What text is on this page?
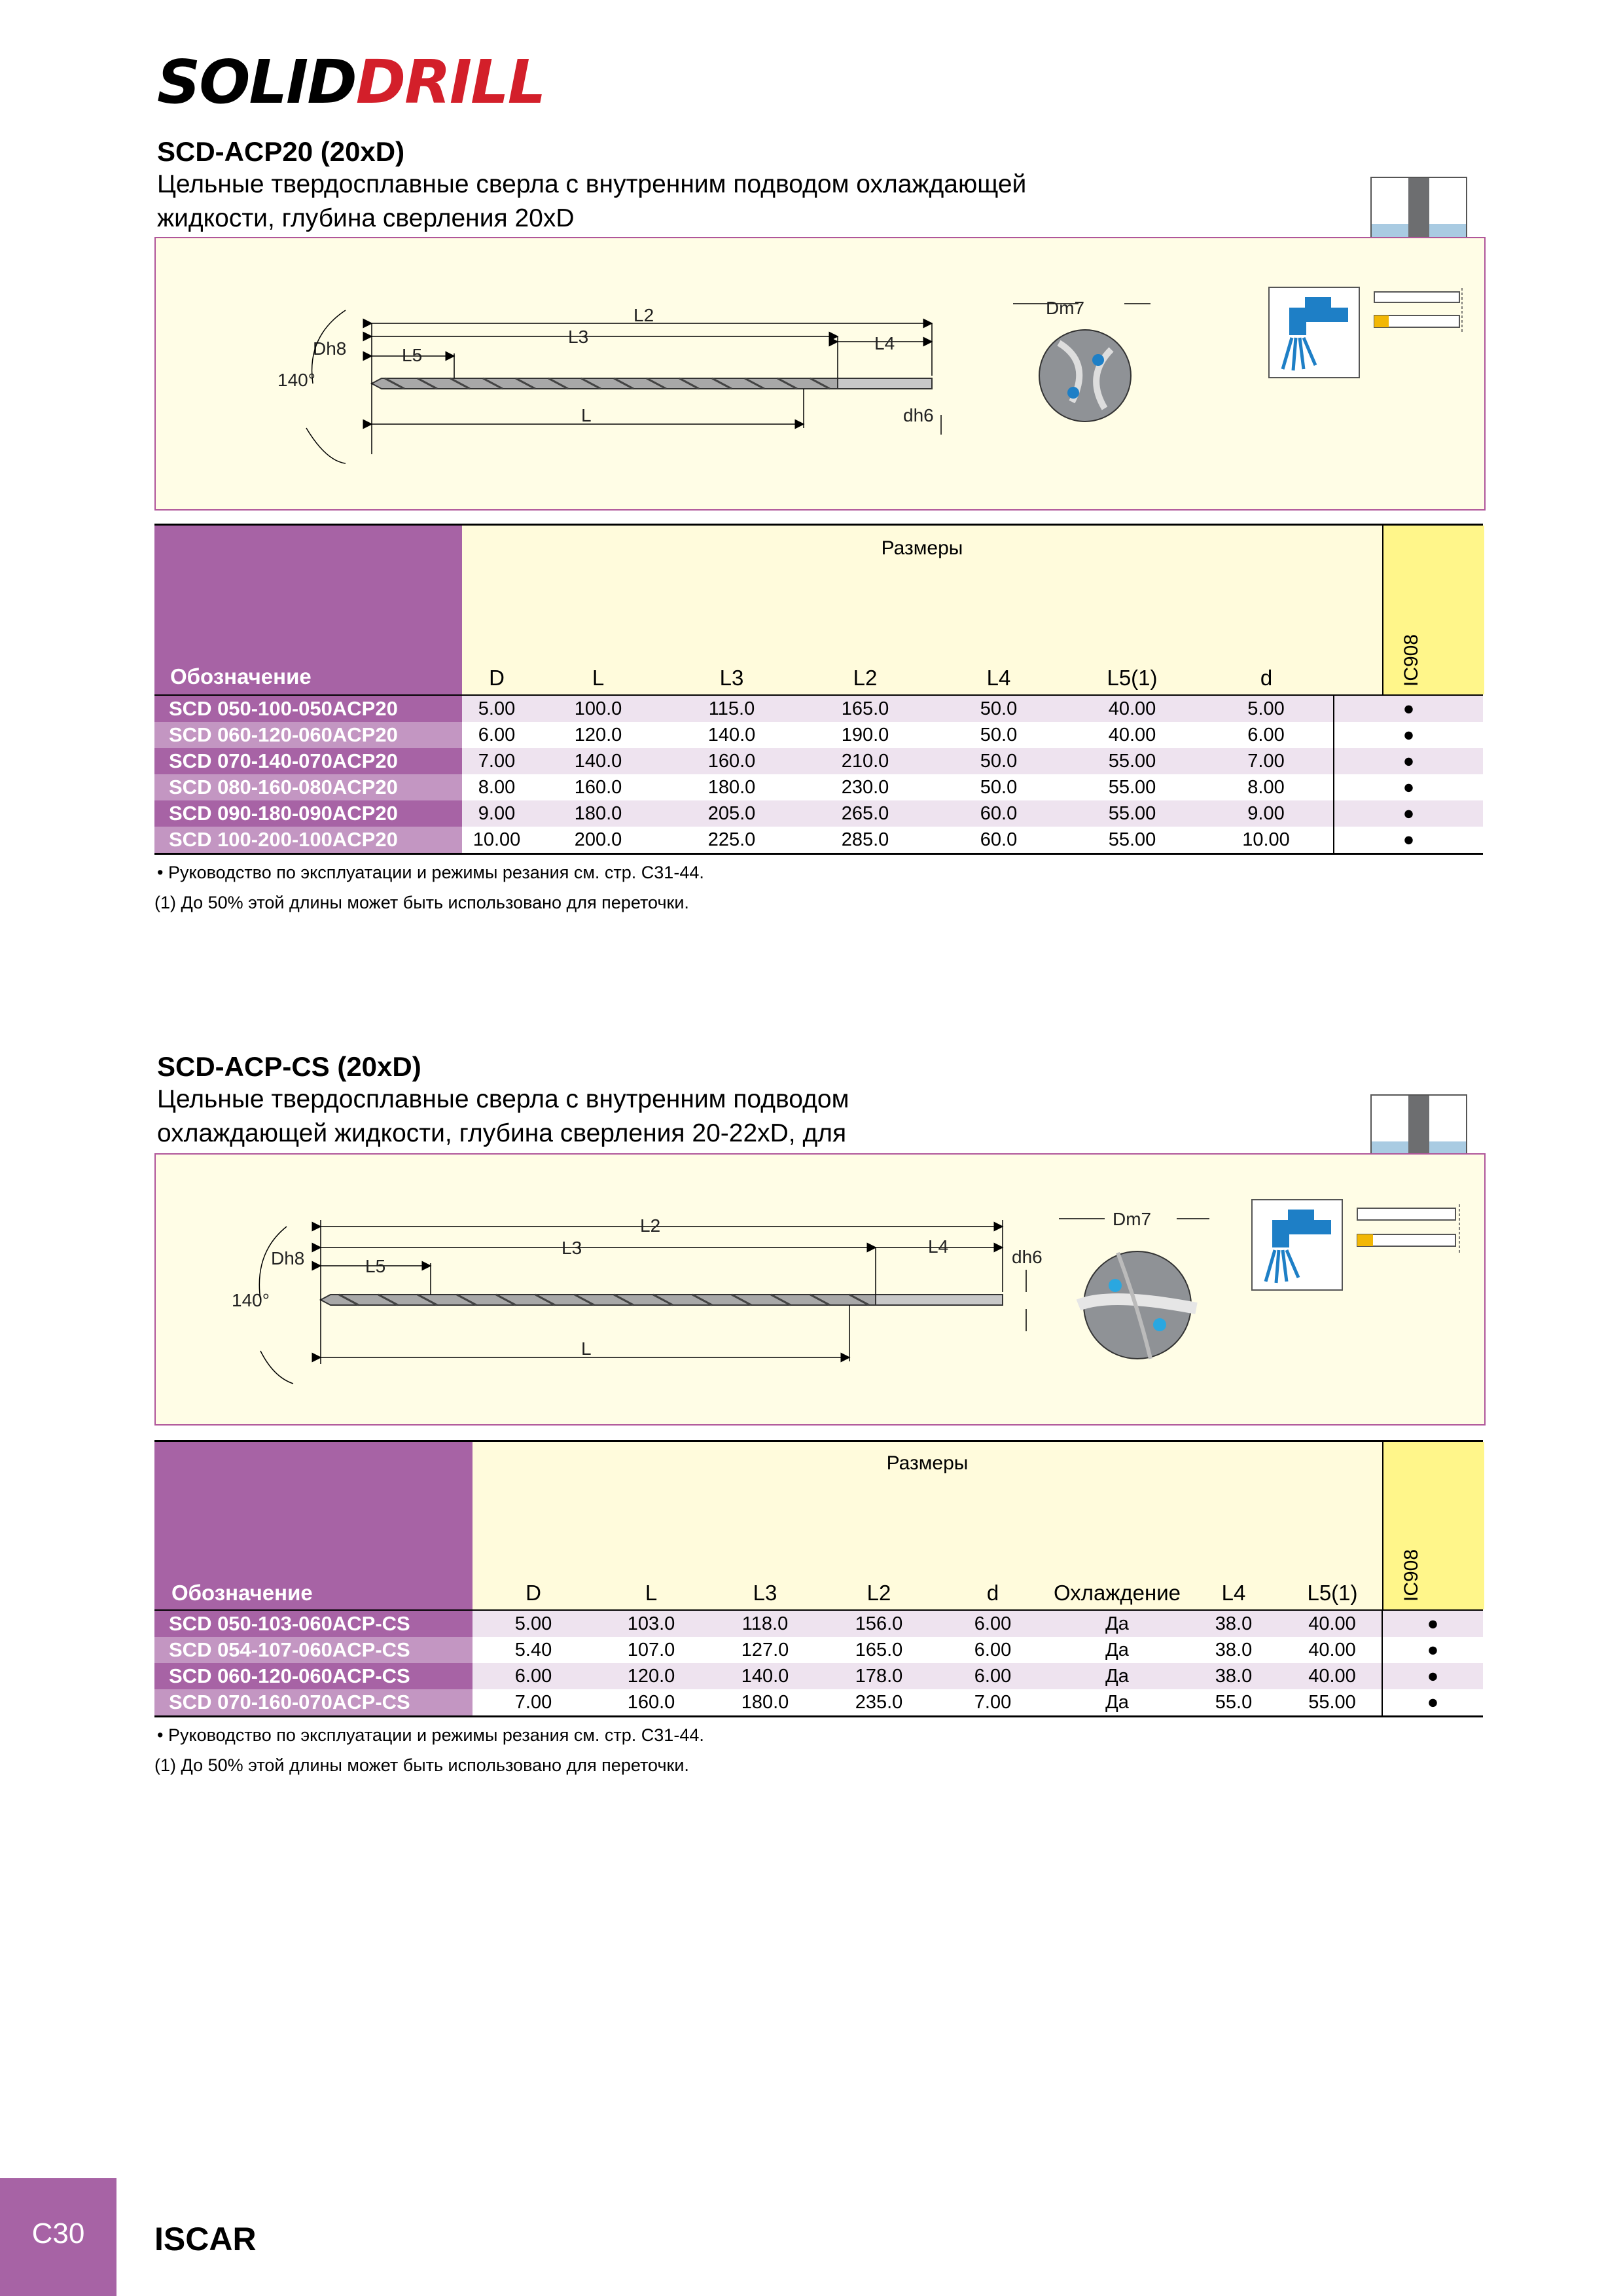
SOLIDDRILL
SCD-ACP20 (20xD)
Цельные твердосплавные сверла с внутренним подводом охлаждающей
жидкости, глубина сверления 20xD
L2
L3	L4
L5
L
Dh8
140°
dh6
Dm7
Обозначение
Размеры
D	L	L3	L2	L4	L5(1)	d	IC908
SCD 050-100-050ACP20	5.00	100.0	115.0	165.0	50.0	40.00	5.00	●
SCD 060-120-060ACP20	6.00	120.0	140.0	190.0	50.0	40.00	6.00	●
SCD 070-140-070ACP20	7.00	140.0	160.0	210.0	50.0	55.00	7.00	●
SCD 080-160-080ACP20	8.00	160.0	180.0	230.0	50.0	55.00	8.00	●
SCD 090-180-090ACP20	9.00	180.0	205.0	265.0	60.0	55.00	9.00	●
SCD 100-200-100ACP20	10.00	200.0	225.0	285.0	60.0	55.00	10.00	●
• Руководство по эксплуатации и режимы резания см. стр. C31-44.
(1) До 50% этой длины может быть использовано для переточки.
SCD-ACP-CS (20xD)
Цельные твердосплавные сверла с внутренним подводом
охлаждающей жидкости, глубина сверления 20-22xD, для
L2
L3	L4
L5
L
Dh8
140°
dh6
Dm7
Обозначение
Размеры
D	L	L3	L2	d	Охлаждение	L4	L5(1)	IC908
SCD 050-103-060ACP-CS	5.00	103.0	118.0	156.0	6.00	Да	38.0	40.00	●
SCD 054-107-060ACP-CS	5.40	107.0	127.0	165.0	6.00	Да	38.0	40.00	●
SCD 060-120-060ACP-CS	6.00	120.0	140.0	178.0	6.00	Да	38.0	40.00	●
SCD 070-160-070ACP-CS	7.00	160.0	180.0	235.0	7.00	Да	55.0	55.00	●
• Руководство по эксплуатации и режимы резания см. стр. C31-44.
(1) До 50% этой длины может быть использовано для переточки.
C30	ISCAR
